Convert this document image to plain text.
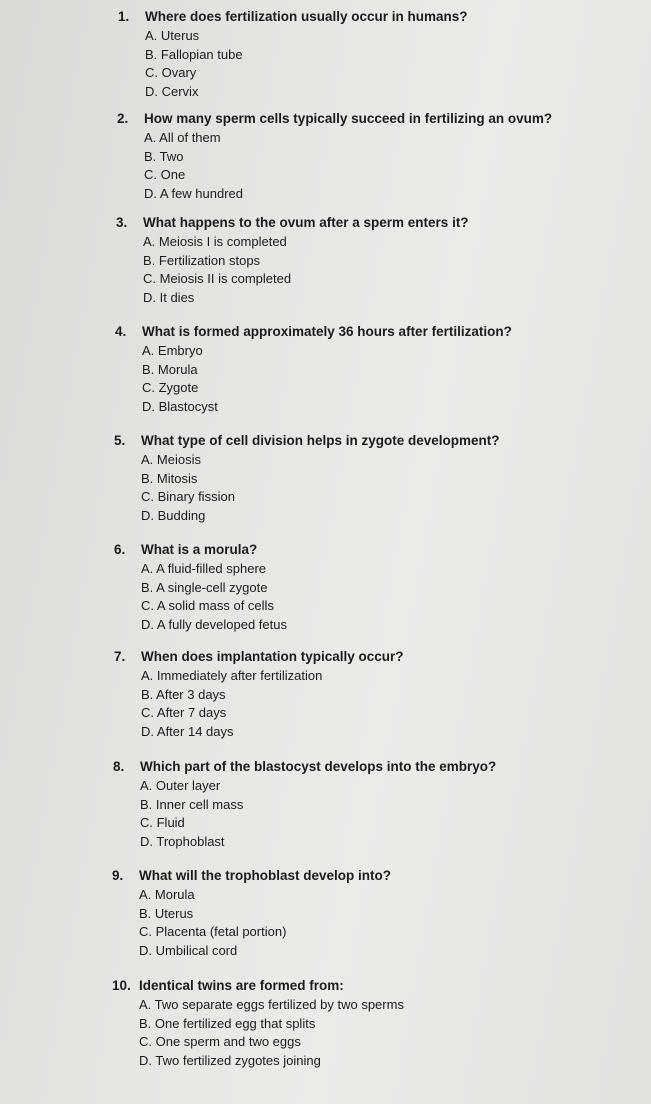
1.	Where does fertilization usually occur in humans?
A. Uterus
B. Fallopian tube
C. Ovary
D. Cervix
2.	How many sperm cells typically succeed in fertilizing an ovum?
A. All of them
B. Two
C. One
D. A few hundred
3.	What happens to the ovum after a sperm enters it?
A. Meiosis I is completed
B. Fertilization stops
C. Meiosis II is completed
D. It dies
4.	What is formed approximately 36 hours after fertilization?
A. Embryo
B. Morula
C. Zygote
D. Blastocyst
5.	What type of cell division helps in zygote development?
A. Meiosis
B. Mitosis
C. Binary fission
D. Budding
6.	What is a morula?
A. A fluid-filled sphere
B. A single-cell zygote
C. A solid mass of cells
D. A fully developed fetus
7.	When does implantation typically occur?
A. Immediately after fertilization
B. After 3 days
C. After 7 days
D. After 14 days
8.	Which part of the blastocyst develops into the embryo?
A. Outer layer
B. Inner cell mass
C. Fluid
D. Trophoblast
9.	What will the trophoblast develop into?
A. Morula
B. Uterus
C. Placenta (fetal portion)
D. Umbilical cord
10. Identical twins are formed from:
A. Two separate eggs fertilized by two sperms
B. One fertilized egg that splits
C. One sperm and two eggs
D. Two fertilized zygotes joining
